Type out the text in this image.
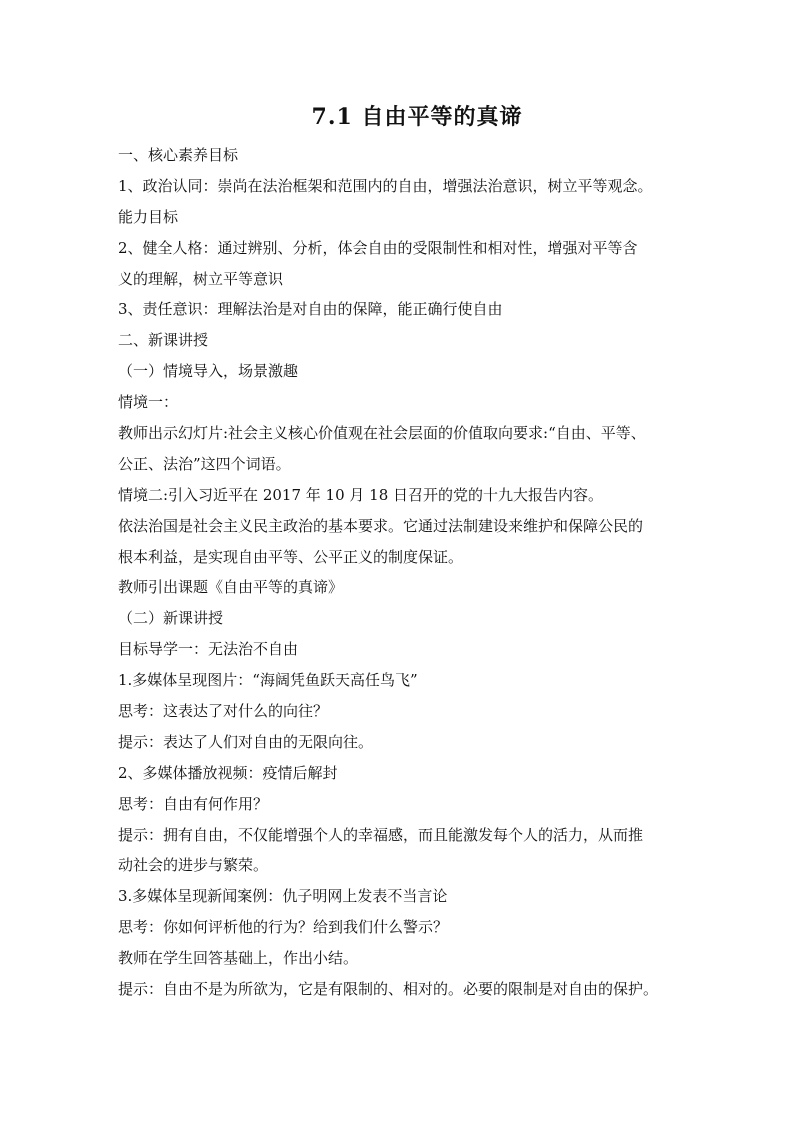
7.1 自由平等的真谛

一、核心素养目标

1、政治认同：崇尚在法治框架和范围内的自由，增强法治意识，树立平等观念。

能力目标

2、健全人格：通过辨别、分析，体会自由的受限制性和相对性，增强对平等含

义的理解，树立平等意识

3、责任意识：理解法治是对自由的保障，能正确行使自由

二、新课讲授

（一）情境导入，场景激趣

情境一：

教师出示幻灯片:社会主义核心价值观在社会层面的价值取向要求:“自由、平等、

公正、法治”这四个词语。

情境二:引入习近平在 2017 年 10 月 18 日召开的党的十九大报告内容。

依法治国是社会主义民主政治的基本要求。它通过法制建设来维护和保障公民的

根本利益，是实现自由平等、公平正义的制度保证。

教师引出课题《自由平等的真谛》

（二）新课讲授

目标导学一：无法治不自由

1.多媒体呈现图片：“海阔凭鱼跃天高任鸟飞”

思考：这表达了对什么的向往？

提示：表达了人们对自由的无限向往。

2、多媒体播放视频：疫情后解封

思考：自由有何作用？

提示：拥有自由，不仅能增强个人的幸福感，而且能激发每个人的活力，从而推

动社会的进步与繁荣。

3.多媒体呈现新闻案例：仇子明网上发表不当言论

思考：你如何评析他的行为？给到我们什么警示？

教师在学生回答基础上，作出小结。

提示：自由不是为所欲为，它是有限制的、相对的。必要的限制是对自由的保护。
